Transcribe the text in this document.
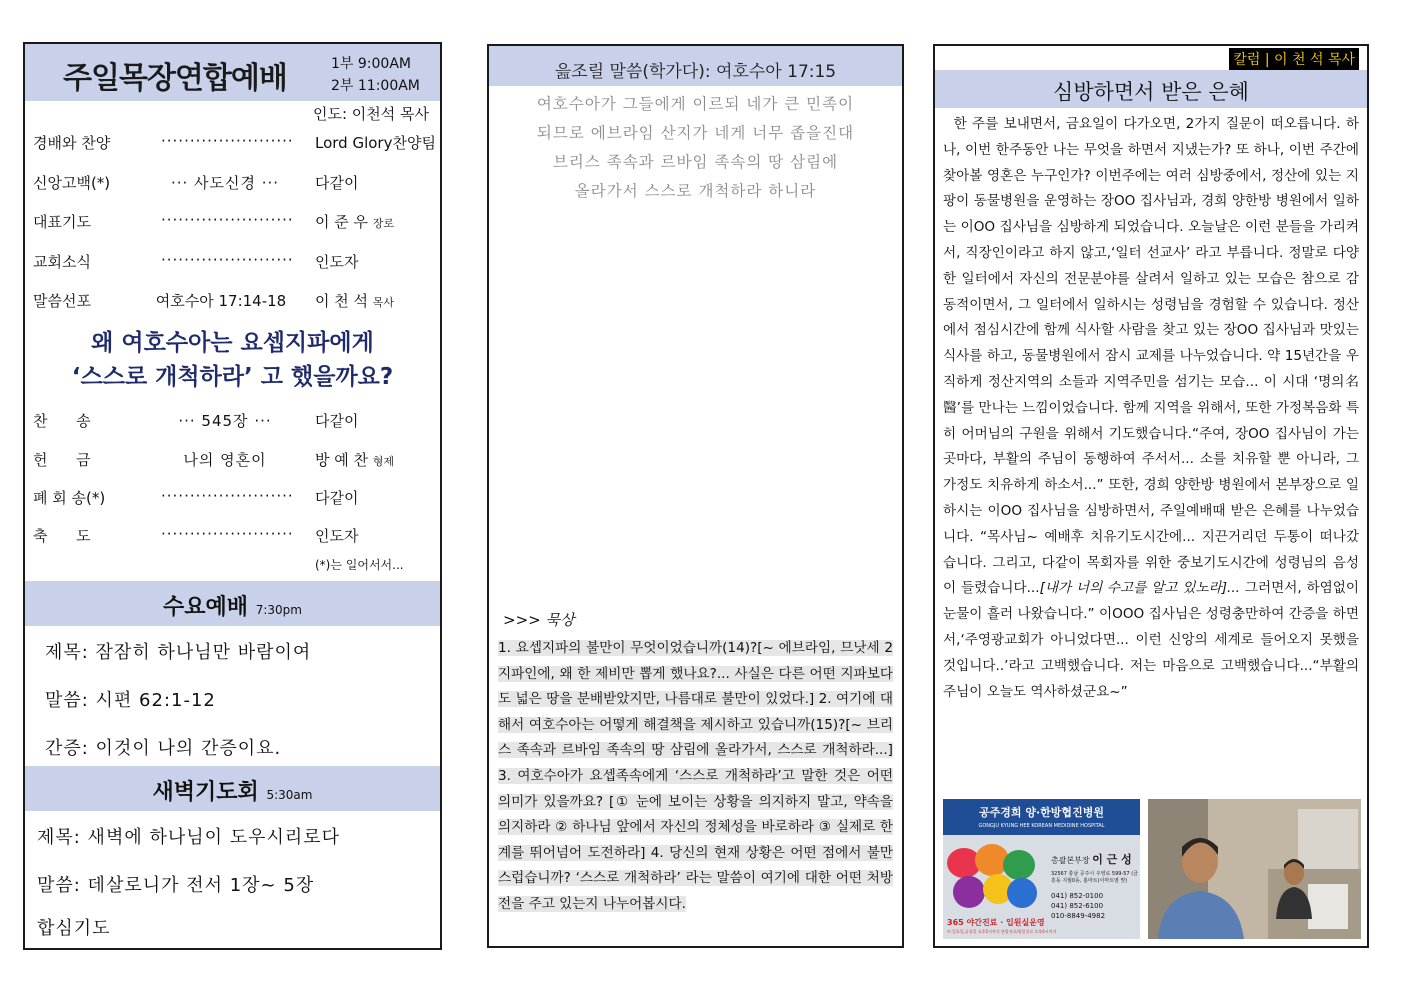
주일목장연합예배	1부 9:00AM
2부 11:00AM
인도: 이천석 목사
경배와 찬양	······················· Lord Glory찬양팀
신앙고백(*)	··· 사도신경 ···	다같이
대표기도	······················· 이 준 우 장로
교회소식	······················· 인도자
말씀선포	여호수아 17:14-18	이 천 석 목사
왜 여호수아는 요셉지파에게
‘스스로 개척하라’ 고 했을까요?
찬      송	··· 545장 ···	다같이
헌      금	나의 영혼이	방 예 찬 형제
폐 회 송(*)	······················· 다같이
축      도	······················· 인도자
(*)는 일어서서...
수요예배 7:30pm
제목: 잠잠히 하나님만 바람이여
말씀: 시편 62:1-12
간증: 이것이 나의 간증이요.
새벽기도회 5:30am
제목: 새벽에 하나님이 도우시리로다
말씀: 데살로니가 전서 1장~ 5장
합심기도
읊조릴 말씀(학가다): 여호수아 17:15
여호수아가 그들에게 이르되 네가 큰 민족이
되므로 에브라임 산지가 네게 너무 좁을진대
브리스 족속과 르바임 족속의 땅 삼림에
올라가서 스스로 개척하라 하니라
>>> 묵상
1. 요셉지파의 불만이 무엇이었습니까(14)?[~ 에브라임, 므낫세 2지파인에, 왜 한 제비만 뽑게 했나요?... 사실은 다른 어떤 지파보다도 넓은 땅을 분배받았지만, 나름대로 불만이 있었다.] 2. 여기에 대해서 여호수아는 어떻게 해결책을 제시하고 있습니까(15)?[~ 브리스 족속과 르바임 족속의 땅 삼림에 올라가서, 스스로 개척하라...] 3. 여호수아가 요셉족속에게 ‘스스로 개척하라’고 말한 것은 어떤 의미가 있을까요? [① 눈에 보이는 상황을 의지하지 말고, 약속을 의지하라 ② 하나님 앞에서 자신의 정체성을 바로하라 ③ 실제로 한계를 뛰어넘어 도전하라] 4. 당신의 현재 상황은 어떤 점에서 불만스럽습니까? ‘스스로 개척하라’ 라는 말씀이 여기에 대한 어떤 처방전을 주고 있는지 나누어봅시다.
칼럼 | 이 천 석 목사
심방하면서 받은 은혜
한 주를 보내면서, 금요일이 다가오면, 2가지 질문이 떠오릅니다. 하나, 이번 한주동안 나는 무엇을 하면서 지냈는가? 또 하나, 이번 주간에 찾아볼 영혼은 누구인가? 이번주에는 여러 심방중에서, 정산에 있는 지팡이 동물병원을 운영하는 장OO 집사님과, 경희 양한방 병원에서 일하는 이OO 집사님을 심방하게 되었습니다. 오늘날은 이런 분들을 가리켜서, 직장인이라고 하지 않고,‘일터 선교사’ 라고 부릅니다. 정말로 다양한 일터에서 자신의 전문분야를 살려서 일하고 있는 모습은 참으로 감동적이면서, 그 일터에서 일하시는 성령님을 경험할 수 있습니다. 정산에서 점심시간에 함께 식사할 사람을 찾고 있는 장OO 집사님과 맛있는 식사를 하고, 동물병원에서 잠시 교제를 나누었습니다. 약 15년간을 우직하게 정산지역의 소들과 지역주민을 섬기는 모습... 이 시대 ‘명의名醫’를 만나는 느낌이었습니다. 함께 지역을 위해서, 또한 가정복음화 특히 어머님의 구원을 위해서 기도했습니다.“주여, 장OO 집사님이 가는 곳마다, 부활의 주님이 동행하여 주서서... 소를 치유할 뿐 아니라, 그 가정도 치유하게 하소서...” 또한, 경희 양한방 병원에서 본부장으로 일하시는 이OO 집사님을 심방하면서, 주일예배때 받은 은혜를 나누었습니다. “목사님~ 예배후 치유기도시간에... 지끈거리던 두통이 떠나갔습니다. 그리고, 다같이 목회자를 위한 중보기도시간에 성령님의 음성이 들렸습니다...[내가 너의 수고를 알고 있노라]... 그러면서, 하염없이 눈물이 흘러 나왔습니다.” 이OOO 집사님은 성령충만하여 간증을 하면서,‘주영광교회가 아니었다면... 이런 신앙의 세계로 들어오지 못했을 것입니다..’라고 고백했습니다. 저는 마음으로 고백했습니다...“부활의 주님이 오늘도 역사하셨군요~”
공주경희 양·한방협진병원
GONGJU KYUNG HEE KOREAN MEDIDINE HOSPITAL
총괄본부장 이 근 성
32567 충남 공주시 우영로 599-57 (금흥동 지월0동, 홈마트(이마트옆 맞)
041) 852-0100
041) 852-6100
010-8849-4982
365 야간진료 · 입원실운영
토·일요일,공휴일 오후5시까지 한방진료/평일진료 오후6시까지
